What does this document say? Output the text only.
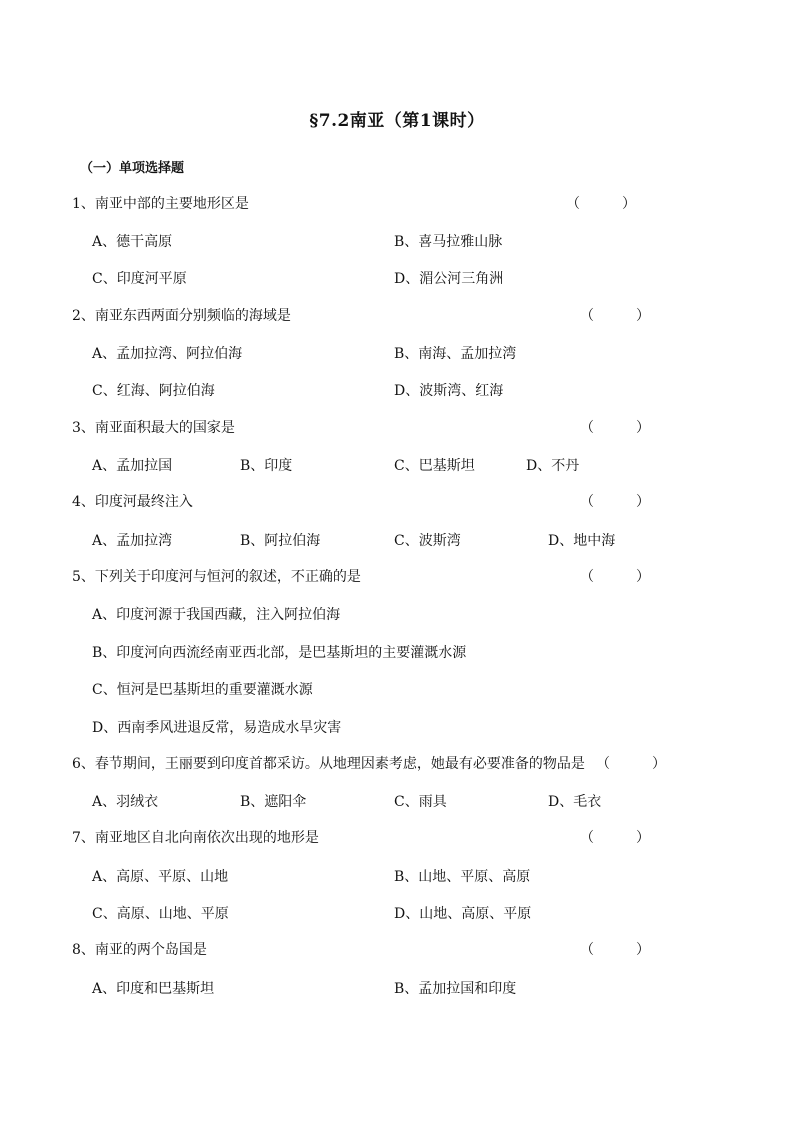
§7.2南亚（第1课时）
（一）单项选择题
1、南亚中部的主要地形区是	（　　　）
A、德干高原	B、喜马拉雅山脉
C、印度河平原	D、湄公河三角洲
2、南亚东西两面分别频临的海域是	（　　　）
A、孟加拉湾、阿拉伯海	B、南海、孟加拉湾
C、红海、阿拉伯海	D、波斯湾、红海
3、南亚面积最大的国家是	（　　　）
A、孟加拉国	B、印度	C、巴基斯坦	D、不丹
4、印度河最终注入	（　　　）
A、孟加拉湾	B、阿拉伯海	C、波斯湾	D、地中海
5、下列关于印度河与恒河的叙述，不正确的是	（　　　）
A、印度河源于我国西藏，注入阿拉伯海
B、印度河向西流经南亚西北部，是巴基斯坦的主要灌溉水源
C、恒河是巴基斯坦的重要灌溉水源
D、西南季风进退反常，易造成水旱灾害
6、春节期间，王丽要到印度首都采访。从地理因素考虑，她最有必要准备的物品是 （　　　）
A、羽绒衣	B、遮阳伞	C、雨具	D、毛衣
7、南亚地区自北向南依次出现的地形是	（　　　）
A、高原、平原、山地	B、山地、平原、高原
C、高原、山地、平原	D、山地、高原、平原
8、南亚的两个岛国是	（　　　）
A、印度和巴基斯坦	B、孟加拉国和印度
